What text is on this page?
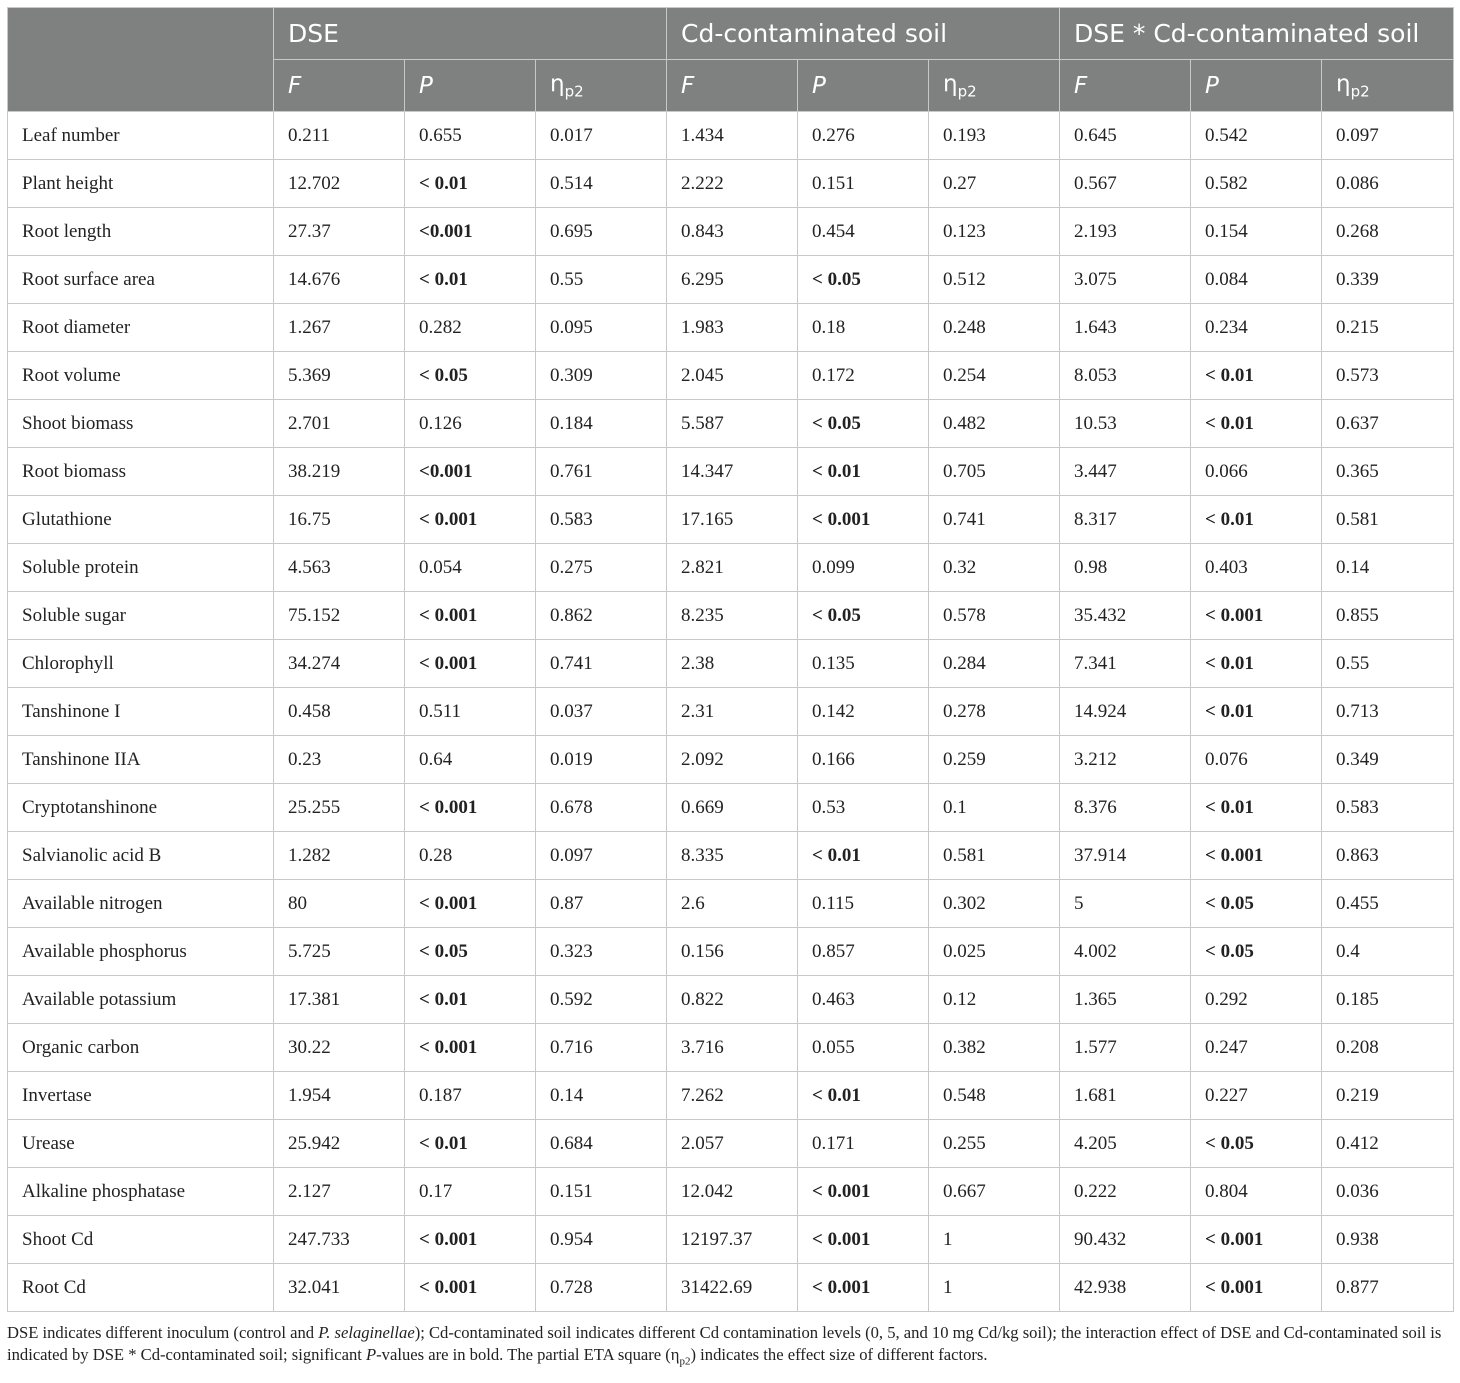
	DSE			Cd-contaminated soil			DSE * Cd-contaminated soil		
	F	P	$\eta_{p2}$	F	P	$\eta_{p2}$	F	P	$\eta_{p2}$
Leaf number	0.211	0.655	0.017	1.434	0.276	0.193	0.645	0.542	0.097
Plant height	12.702	< 0.01	0.514	2.222	0.151	0.27	0.567	0.582	0.086
Root length	27.37	<0.001	0.695	0.843	0.454	0.123	2.193	0.154	0.268
Root surface area	14.676	< 0.01	0.55	6.295	< 0.05	0.512	3.075	0.084	0.339
Root diameter	1.267	0.282	0.095	1.983	0.18	0.248	1.643	0.234	0.215
Root volume	5.369	< 0.05	0.309	2.045	0.172	0.254	8.053	< 0.01	0.573
Shoot biomass	2.701	0.126	0.184	5.587	< 0.05	0.482	10.53	< 0.01	0.637
Root biomass	38.219	<0.001	0.761	14.347	< 0.01	0.705	3.447	0.066	0.365
Glutathione	16.75	< 0.001	0.583	17.165	< 0.001	0.741	8.317	< 0.01	0.581
Soluble protein	4.563	0.054	0.275	2.821	0.099	0.32	0.98	0.403	0.14
Soluble sugar	75.152	< 0.001	0.862	8.235	< 0.05	0.578	35.432	< 0.001	0.855
Chlorophyll	34.274	< 0.001	0.741	2.38	0.135	0.284	7.341	< 0.01	0.55
Tanshinone I	0.458	0.511	0.037	2.31	0.142	0.278	14.924	< 0.01	0.713
Tanshinone IIA	0.23	0.64	0.019	2.092	0.166	0.259	3.212	0.076	0.349
Cryptotanshinone	25.255	< 0.001	0.678	0.669	0.53	0.1	8.376	< 0.01	0.583
Salvianolic acid B	1.282	0.28	0.097	8.335	< 0.01	0.581	37.914	< 0.001	0.863
Available nitrogen	80	< 0.001	0.87	2.6	0.115	0.302	5	< 0.05	0.455
Available phosphorus	5.725	< 0.05	0.323	0.156	0.857	0.025	4.002	< 0.05	0.4
Available potassium	17.381	< 0.01	0.592	0.822	0.463	0.12	1.365	0.292	0.185
Organic carbon	30.22	< 0.001	0.716	3.716	0.055	0.382	1.577	0.247	0.208
Invertase	1.954	0.187	0.14	7.262	< 0.01	0.548	1.681	0.227	0.219
Urease	25.942	< 0.01	0.684	2.057	0.171	0.255	4.205	< 0.05	0.412
Alkaline phosphatase	2.127	0.17	0.151	12.042	< 0.001	0.667	0.222	0.804	0.036
Shoot Cd	247.733	< 0.001	0.954	12197.37	< 0.001	1	90.432	< 0.001	0.938
Root Cd	32.041	< 0.001	0.728	31422.69	< 0.001	1	42.938	< 0.001	0.877
DSE indicates different inoculum (control and P. selaginellae); Cd-contaminated soil indicates different Cd contamination levels (0, 5, and 10 mg Cd/kg soil); the interaction effect of DSE and Cd-contaminated soil is indicated by DSE * Cd-contaminated soil; significant P-values are in bold. The partial ETA square $(\eta_{p2})$ indicates the effect size of different factors.
